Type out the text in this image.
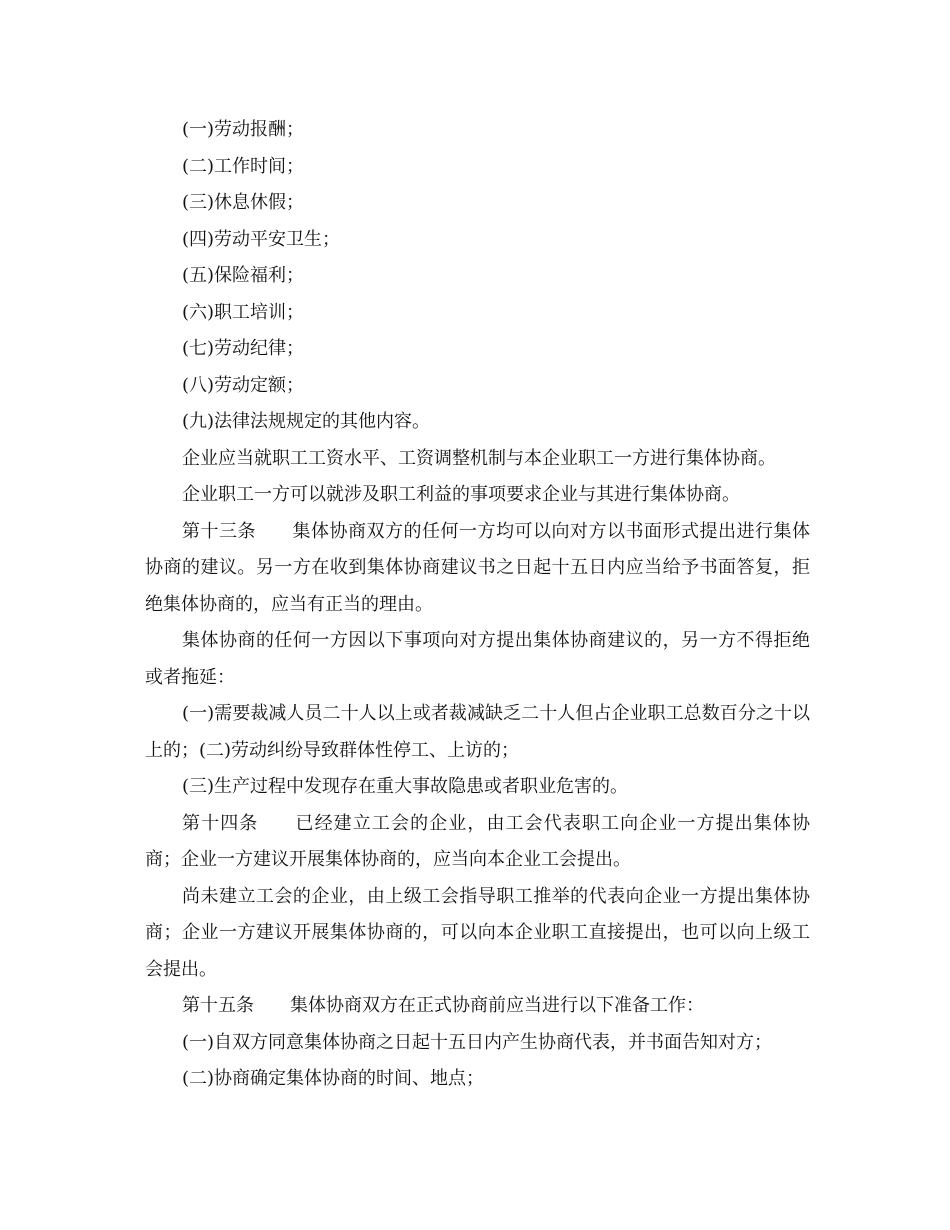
(一)劳动报酬；

(二)工作时间；

(三)休息休假；

(四)劳动平安卫生；

(五)保险福利；

(六)职工培训；

(七)劳动纪律；

(八)劳动定额；

(九)法律法规规定的其他内容。

企业应当就职工工资水平、工资调整机制与本企业职工一方进行集体协商。

企业职工一方可以就涉及职工利益的事项要求企业与其进行集体协商。

第十三条 集体协商双方的任何一方均可以向对方以书面形式提出进行集体协商的建议。另一方在收到集体协商建议书之日起十五日内应当给予书面答复，拒绝集体协商的，应当有正当的理由。

集体协商的任何一方因以下事项向对方提出集体协商建议的，另一方不得拒绝或者拖延：

(一)需要裁减人员二十人以上或者裁减缺乏二十人但占企业职工总数百分之十以上的；(二)劳动纠纷导致群体性停工、上访的；

(三)生产过程中发现存在重大事故隐患或者职业危害的。

第十四条 已经建立工会的企业，由工会代表职工向企业一方提出集体协商；企业一方建议开展集体协商的，应当向本企业工会提出。

尚未建立工会的企业，由上级工会指导职工推举的代表向企业一方提出集体协商；企业一方建议开展集体协商的，可以向本企业职工直接提出，也可以向上级工会提出。

第十五条 集体协商双方在正式协商前应当进行以下准备工作：

(一)自双方同意集体协商之日起十五日内产生协商代表，并书面告知对方；

(二)协商确定集体协商的时间、地点；
